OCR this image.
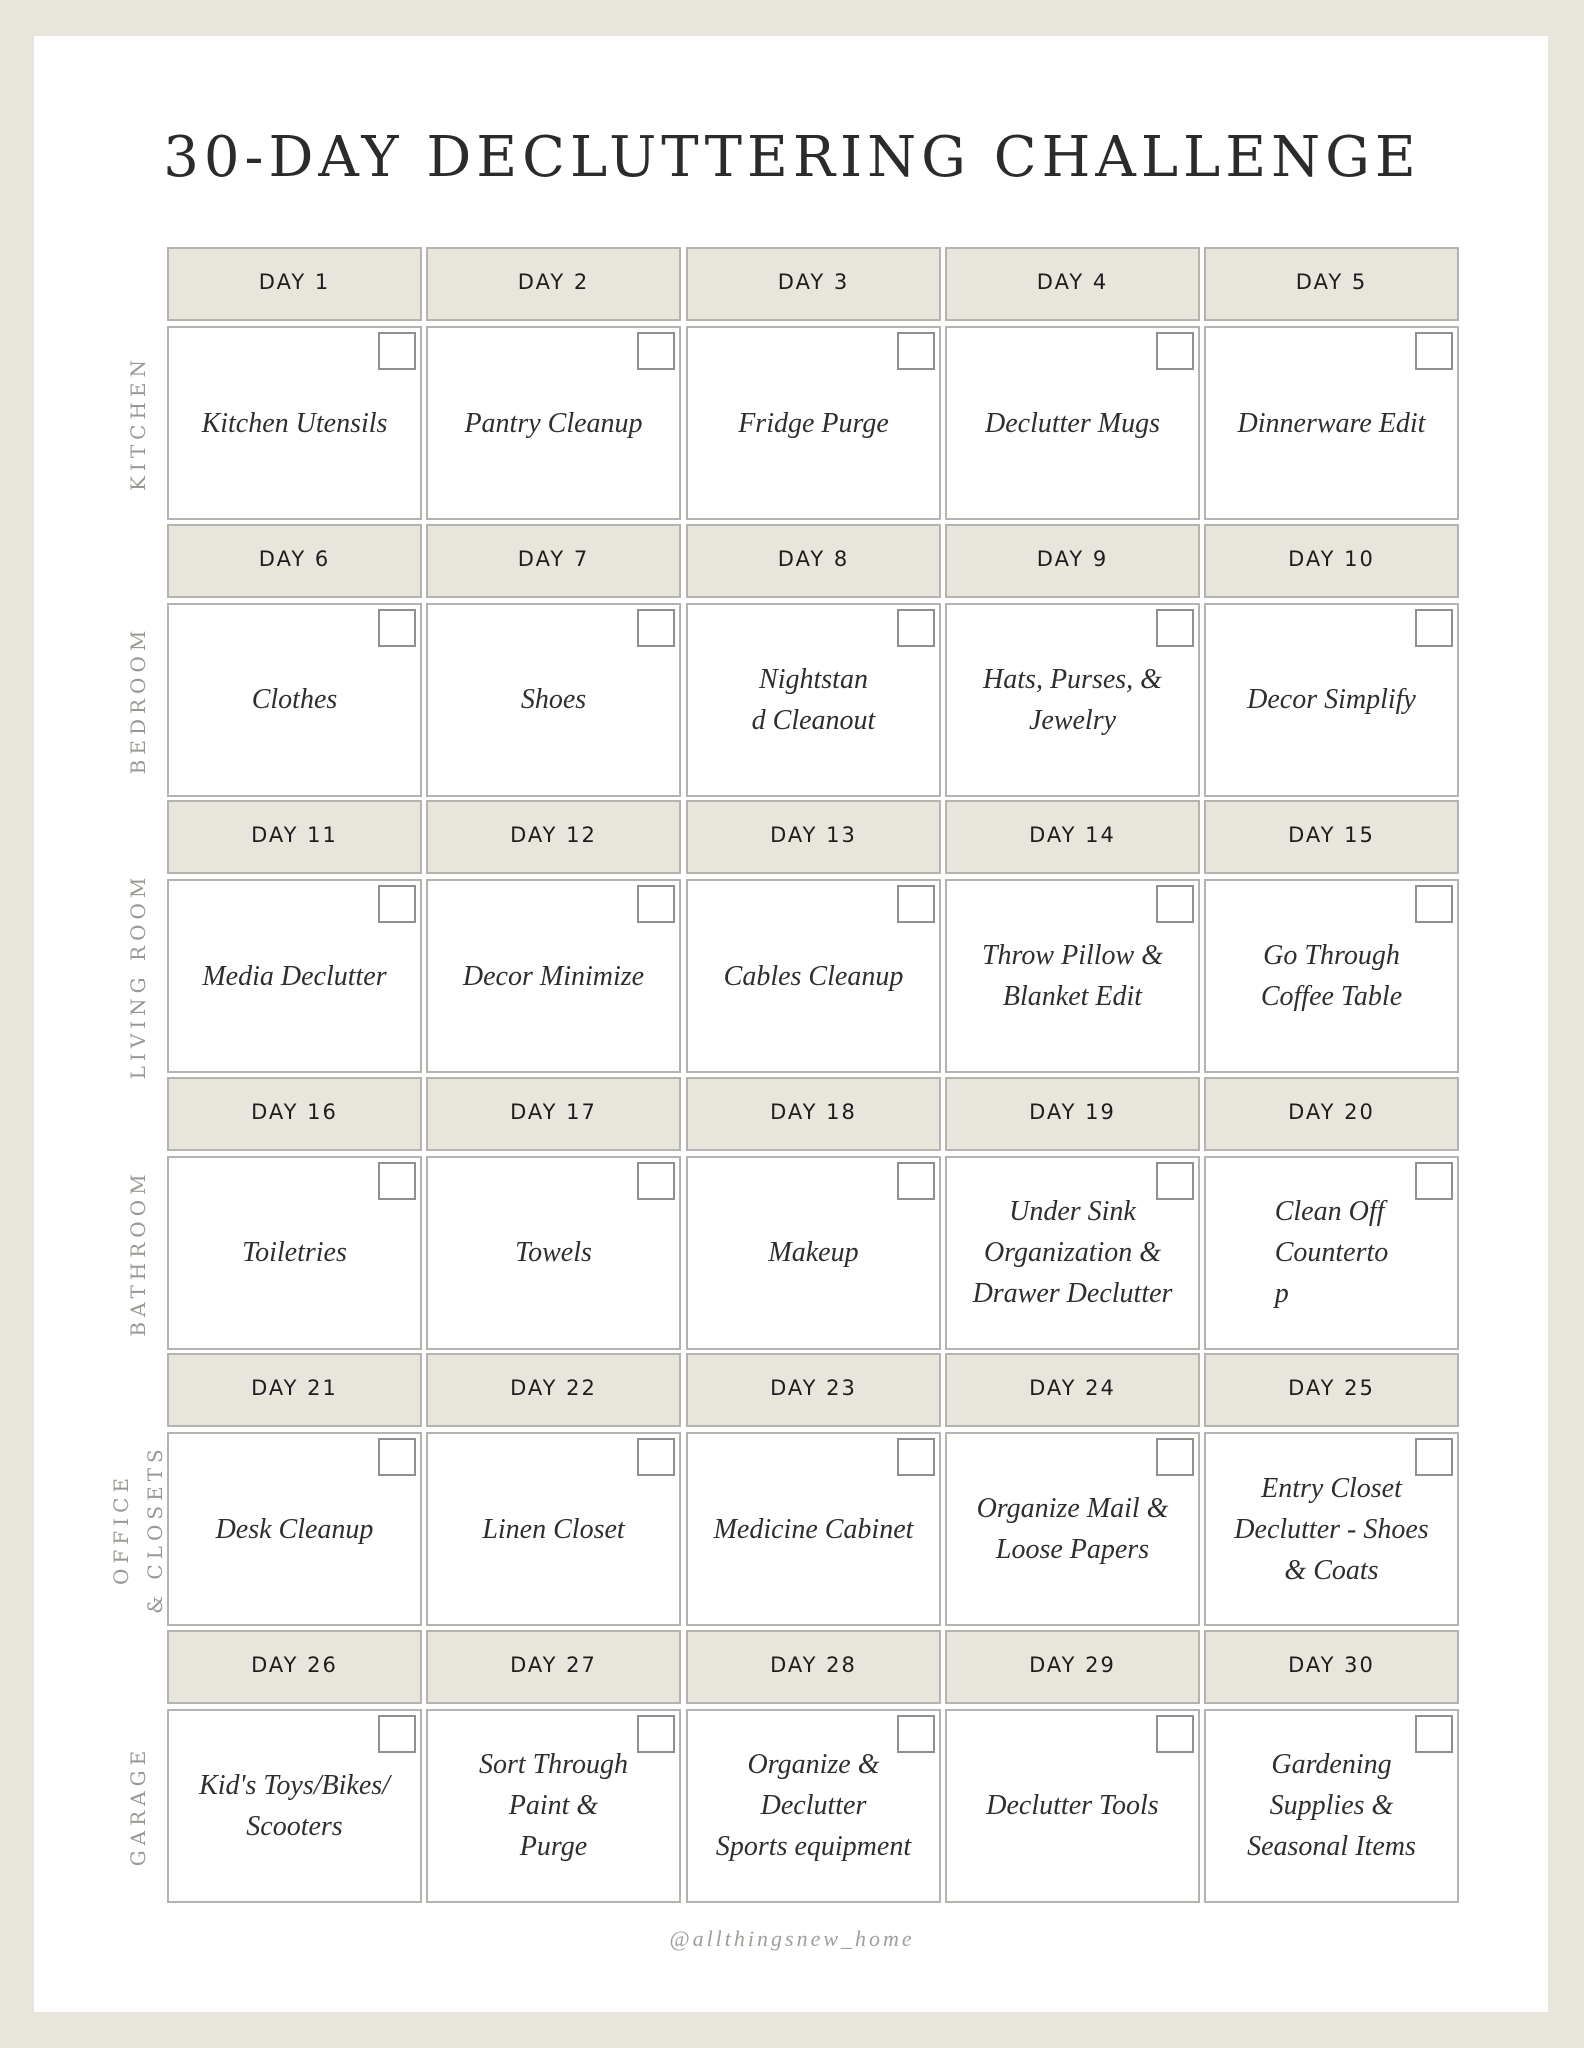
30-DAY DECLUTTERING CHALLENGE
KITCHEN
DAY 1
Kitchen Utensils
DAY 2
Pantry Cleanup
DAY 3
Fridge Purge
DAY 4
Declutter Mugs
DAY 5
Dinnerware Edit
BEDROOM
DAY 6
Clothes
DAY 7
Shoes
DAY 8
Nightstan
d Cleanout
DAY 9
Hats, Purses, &
Jewelry
DAY 10
Decor Simplify
LIVING ROOM
DAY 11
Media Declutter
DAY 12
Decor Minimize
DAY 13
Cables Cleanup
DAY 14
Throw Pillow &
Blanket Edit
DAY 15
Go Through
Coffee Table
BATHROOM
DAY 16
Toiletries
DAY 17
Towels
DAY 18
Makeup
DAY 19
Under Sink
Organization &
Drawer Declutter
DAY 20
Clean Off
Counterto
p
OFFICE
& CLOSETS
DAY 21
Desk Cleanup
DAY 22
Linen Closet
DAY 23
Medicine Cabinet
DAY 24
Organize Mail &
Loose Papers
DAY 25
Entry Closet
Declutter - Shoes
& Coats
GARAGE
DAY 26
Kid's Toys/Bikes/
Scooters
DAY 27
Sort Through
Paint &
Purge
DAY 28
Organize &
Declutter
Sports equipment
DAY 29
Declutter Tools
DAY 30
Gardening
Supplies &
Seasonal Items
@allthingsnew_home
